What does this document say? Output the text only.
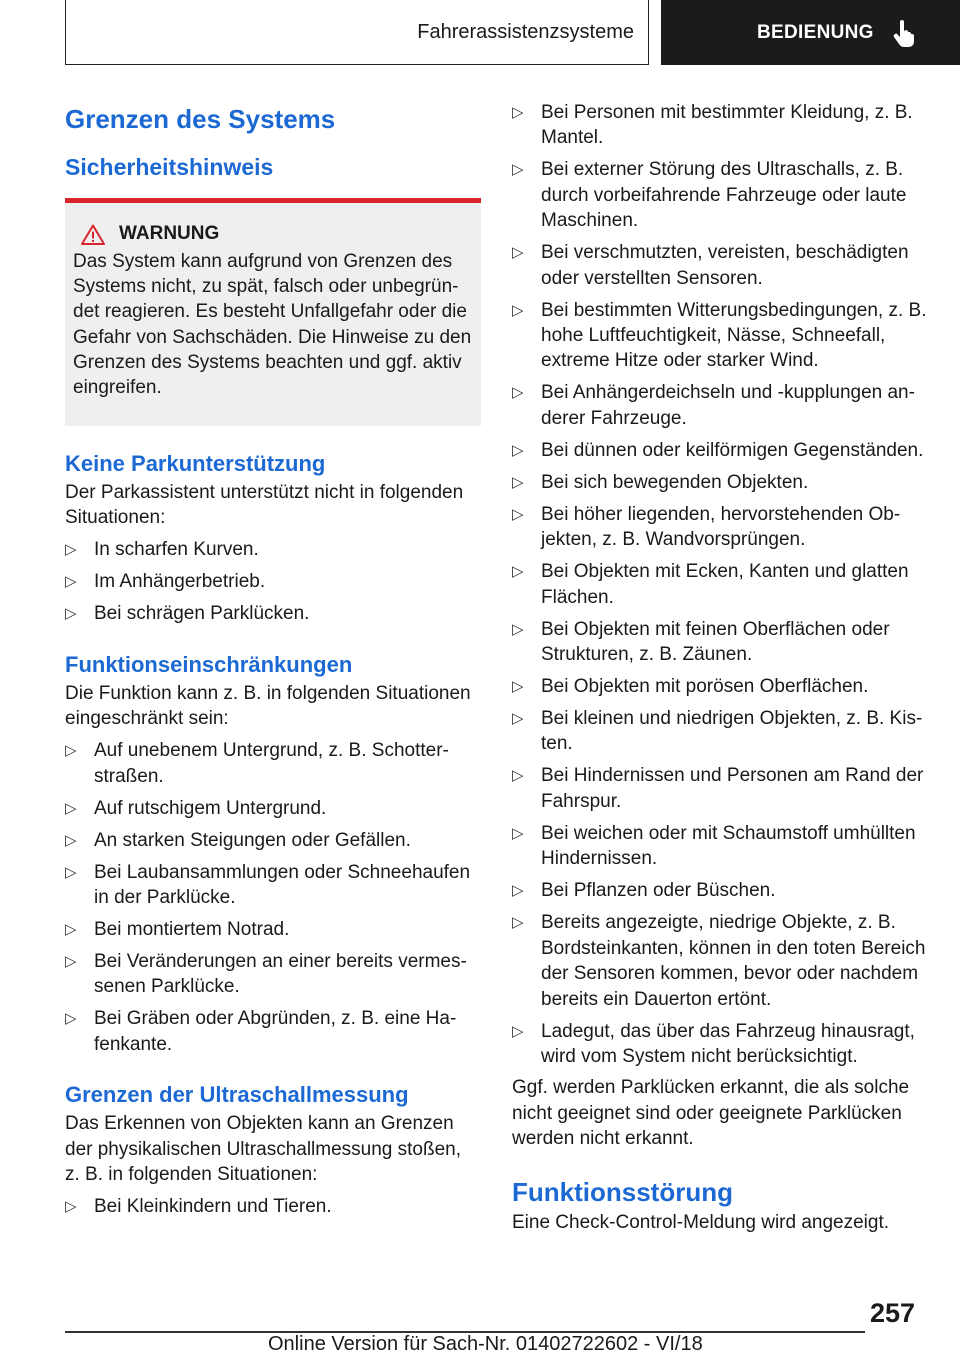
Fahrerassistenzsysteme	BEDIENUNG
Grenzen des Systems
Sicherheitshinweis
WARNUNG

Das System kann aufgrund von Grenzen des Systems nicht, zu spät, falsch oder unbegründet reagieren. Es besteht Unfallgefahr oder die Gefahr von Sachschäden. Die Hinweise zu den Grenzen des Systems beachten und ggf. aktiv eingreifen.

Keine Parkunterstützung

Der Parkassistent unterstützt nicht in folgenden Situationen:

▷ In scharfen Kurven.
▷ Im Anhängerbetrieb.
▷ Bei schrägen Parklücken.
Funktionseinschränkungen

Die Funktion kann z. B. in folgenden Situationen eingeschränkt sein:

▷ Auf unebenem Untergrund, z. B. Schotterstraßen.
▷ Auf rutschigem Untergrund.
▷ An starken Steigungen oder Gefällen.
▷ Bei Laubansammlungen oder Schneehaufen in der Parklücke.
▷ Bei montiertem Notrad.
▷ Bei Veränderungen an einer bereits vermessenen Parklücke.
▷ Bei Gräben oder Abgründen, z. B. eine Hafenkante.
Grenzen der Ultraschallmessung

Das Erkennen von Objekten kann an Grenzen der physikalischen Ultraschallmessung stoßen, z. B. in folgenden Situationen:

▷ Bei Kleinkindern und Tieren.
▷ Bei Personen mit bestimmter Kleidung, z. B. Mantel.
▷ Bei externer Störung des Ultraschalls, z. B. durch vorbeifahrende Fahrzeuge oder laute Maschinen.
▷ Bei verschmutzten, vereisten, beschädigten oder verstellten Sensoren.
▷ Bei bestimmten Witterungsbedingungen, z. B. hohe Luftfeuchtigkeit, Nässe, Schneefall, extreme Hitze oder starker Wind.
▷ Bei Anhängerdeichseln und -kupplungen anderer Fahrzeuge.
▷ Bei dünnen oder keilförmigen Gegenständen.
▷ Bei sich bewegenden Objekten.
▷ Bei höher liegenden, hervorstehenden Objekten, z. B. Wandvorsprüngen.
▷ Bei Objekten mit Ecken, Kanten und glatten Flächen.
▷ Bei Objekten mit feinen Oberflächen oder Strukturen, z. B. Zäunen.
▷ Bei Objekten mit porösen Oberflächen.
▷ Bei kleinen und niedrigen Objekten, z. B. Kisten.
▷ Bei Hindernissen und Personen am Rand der Fahrspur.
▷ Bei weichen oder mit Schaumstoff umhüllten Hindernissen.
▷ Bei Pflanzen oder Büschen.
▷ Bereits angezeigte, niedrige Objekte, z. B. Bordsteinkanten, können in den toten Bereich der Sensoren kommen, bevor oder nachdem bereits ein Dauerton ertönt.
▷ Ladegut, das über das Fahrzeug hinausragt, wird vom System nicht berücksichtigt.

Ggf. werden Parklücken erkannt, die als solche nicht geeignet sind oder geeignete Parklücken werden nicht erkannt.

Funktionsstörung

Eine Check-Control-Meldung wird angezeigt.

257
Online Version für Sach-Nr. 01402722602 - VI/18
